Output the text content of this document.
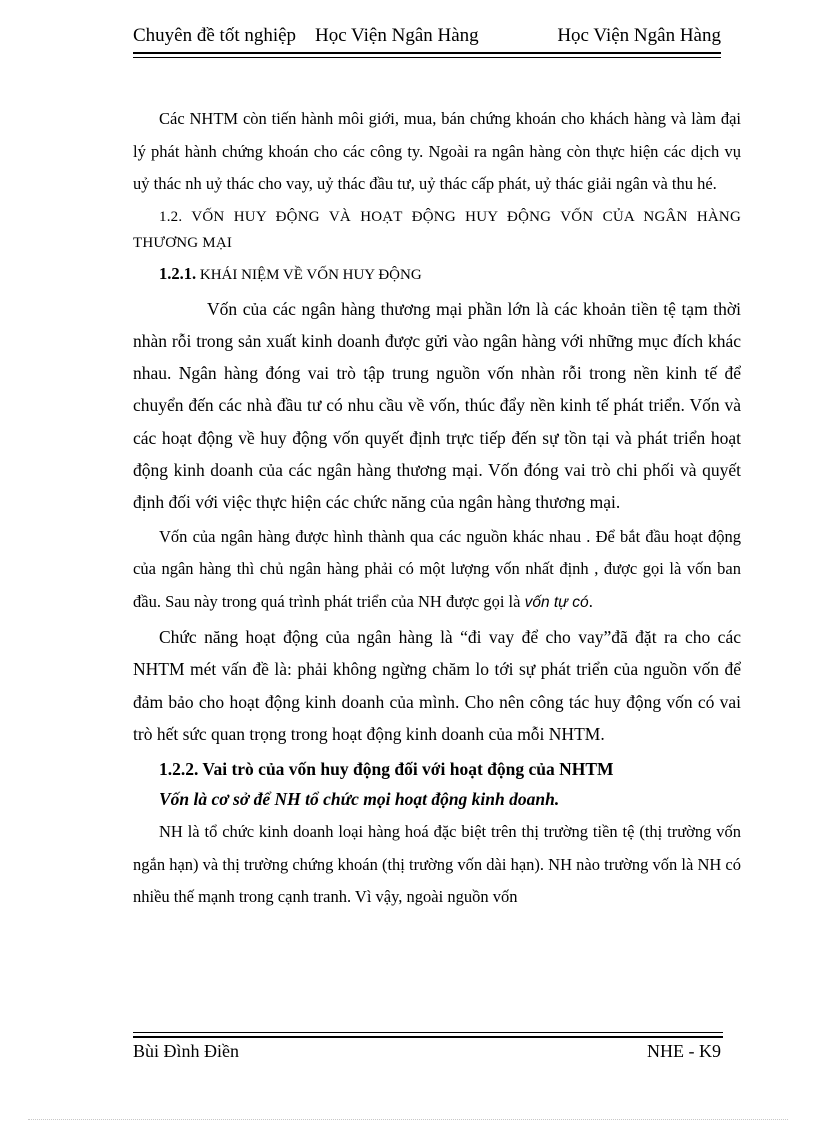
Chuyên đề tốt nghiệp Học Viện Ngân Hàng	Học Viện Ngân Hàng

Các NHTM còn tiến hành môi giới, mua, bán chứng khoán cho khách hàng và làm đại lý phát hành chứng khoán cho các công ty. Ngoài ra ngân hàng còn thực hiện các dịch vụ uỷ thác nh uỷ thác cho vay, uỷ thác đầu tư, uỷ thác cấp phát, uỷ thác giải ngân và thu hé.

1.2. VỐN HUY ĐỘNG VÀ HOẠT ĐỘNG HUY ĐỘNG VỐN CỦA NGÂN HÀNG THƯƠNG MẠI

1.2.1. KHÁI NIỆM VỀ VỐN HUY ĐỘNG

Vốn của các ngân hàng thương mại phần lớn là các khoản tiền tệ tạm thời nhàn rỗi trong sản xuất kinh doanh được gửi vào ngân hàng với những mục đích khác nhau. Ngân hàng đóng vai trò tập trung nguồn vốn nhàn rỗi trong nền kinh tế để chuyển đến các nhà đầu tư có nhu cầu về vốn, thúc đẩy nền kinh tế phát triển. Vốn và các hoạt động về huy động vốn quyết định trực tiếp đến sự tồn tại và phát triển hoạt động kinh doanh của các ngân hàng thương mại. Vốn đóng vai trò chi phối và quyết định đối với việc thực hiện các chức năng của ngân hàng thương mại.

Vốn của ngân hàng được hình thành qua các nguồn khác nhau . Để bắt đầu hoạt động của ngân hàng thì chủ ngân hàng phải có một lượng vốn nhất định , được gọi là vốn ban đầu. Sau này trong quá trình phát triển của NH được gọi là vốn tự có.

Chức năng hoạt động của ngân hàng là “đi vay để cho vay”đã đặt ra cho các NHTM mét vấn đề là: phải không ngừng chăm lo tới sự phát triển của nguồn vốn để đảm bảo cho hoạt động kinh doanh của mình. Cho nên công tác huy động vốn có vai trò hết sức quan trọng trong hoạt động kinh doanh của mỗi NHTM.

1.2.2. Vai trò của vốn huy động đối với hoạt động của NHTM

Vốn là cơ sở để NH tổ chức mọi hoạt động kinh doanh.

NH là tổ chức kinh doanh loại hàng hoá đặc biệt trên thị trường tiền tệ (thị trường vốn ngắn hạn) và thị trường chứng khoán (thị trường vốn dài hạn). NH nào trường vốn là NH có nhiều thế mạnh trong cạnh tranh. Vì vậy, ngoài nguồn vốn

Bùi Đình Điền	NHE - K9
